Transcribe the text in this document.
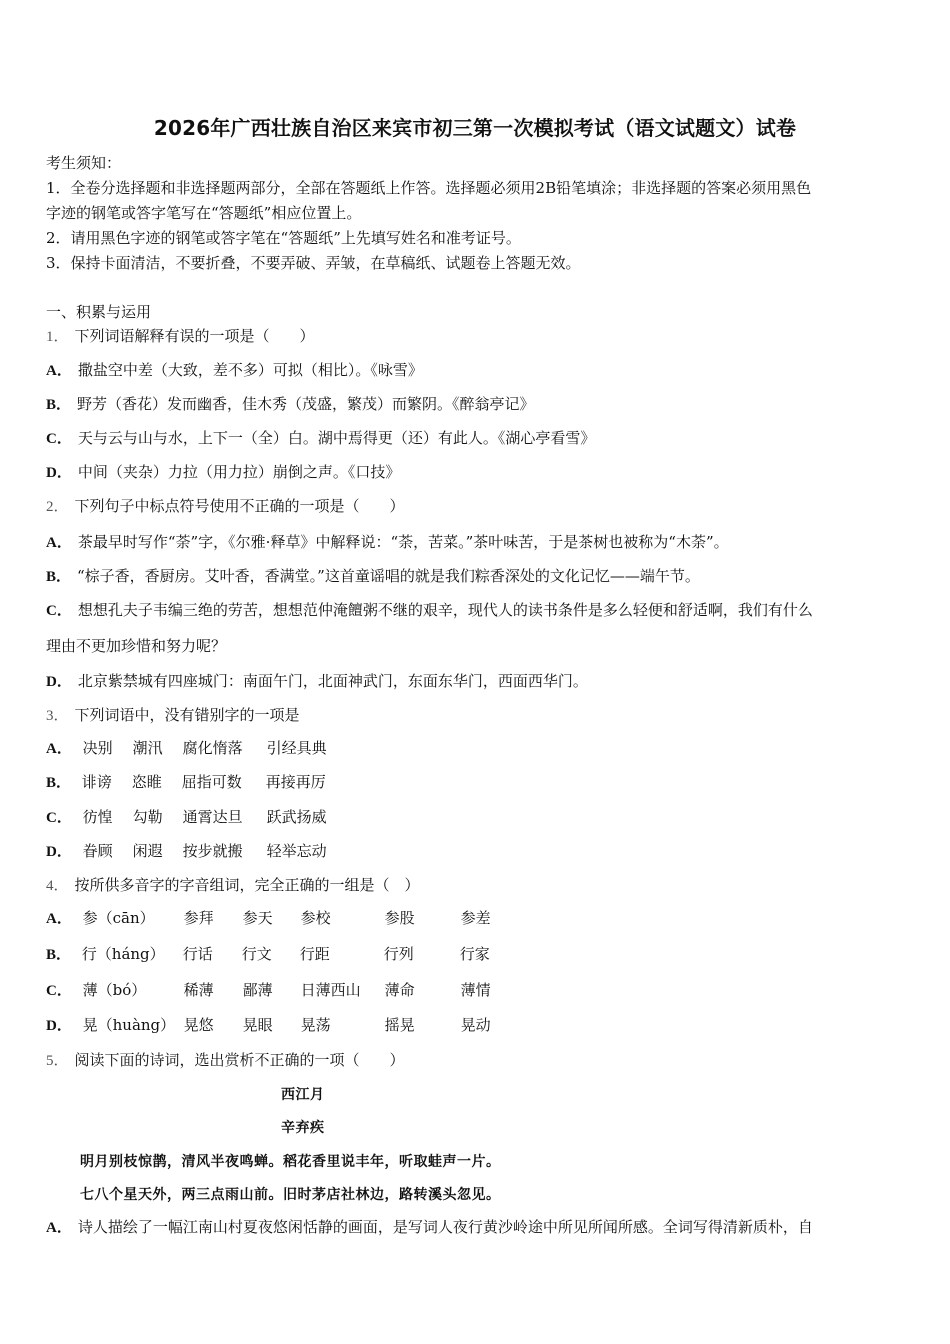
2026年广西壮族自治区来宾市初三第一次模拟考试（语文试题文）试卷
考生须知：
1．全卷分选择题和非选择题两部分，全部在答题纸上作答。选择题必须用2B铅笔填涂；非选择题的答案必须用黑色
字迹的钢笔或答字笔写在“答题纸”相应位置上。
2．请用黑色字迹的钢笔或答字笔在“答题纸”上先填写姓名和准考证号。
3．保持卡面清洁，不要折叠，不要弄破、弄皱，在草稿纸、试题卷上答题无效。
一、积累与运用
1． 下列词语解释有误的一项是（　　）
A． 撒盐空中差（大致，差不多）可拟（相比）。《咏雪》
B． 野芳（香花）发而幽香，佳木秀（茂盛，繁茂）而繁阴。《醉翁亭记》
C． 天与云与山与水，上下一（全）白。湖中焉得更（还）有此人。《湖心亭看雪》
D． 中间（夹杂）力拉（用力拉）崩倒之声。《口技》
2． 下列句子中标点符号使用不正确的一项是（　　）
A． 茶最早时写作“荼”字，《尔雅·释草》中解释说：“荼，苦菜。”茶叶味苦，于是茶树也被称为“木荼”。
B． “棕子香，香厨房。艾叶香，香满堂。”这首童谣唱的就是我们粽香深处的文化记忆——端午节。
C． 想想孔夫子韦编三绝的劳苦，想想范仲淹饘粥不继的艰辛，现代人的读书条件是多么轻便和舒适啊，我们有什么
理由不更加珍惜和努力呢？
D． 北京紫禁城有四座城门：南面午门，北面神武门，东面东华门，西面西华门。
3． 下列词语中，没有错别字的一项是
A． 决别 潮汛 腐化惰落 引经具典
B． 诽谤 恣睢 屈指可数 再接再厉
C． 彷惶 勾勒 通霄达旦 跃武扬威
D． 眷顾 闲遐 按步就搬 轻举忘动
4． 按所供多音字的字音组词，完全正确的一组是（　）
A． 参（cān） 参拜 参天 参校	参股	参差
B． 行（háng） 行话 行文 行距	行列	行家
C． 薄（bó） 稀薄 鄙薄 日薄西山 薄命	薄情
D． 晃（huàng） 晃悠 晃眼 晃荡	摇晃	晃动
5． 阅读下面的诗词，选出赏析不正确的一项（　　）
西江月
辛弃疾
明月别枝惊鹊，清风半夜鸣蝉。稻花香里说丰年，听取蛙声一片。
七八个星天外，两三点雨山前。旧时茅店社林边，路转溪头忽见。
A． 诗人描绘了一幅江南山村夏夜悠闲恬静的画面，是写词人夜行黄沙岭途中所见所闻所感。全词写得清新质朴，自
